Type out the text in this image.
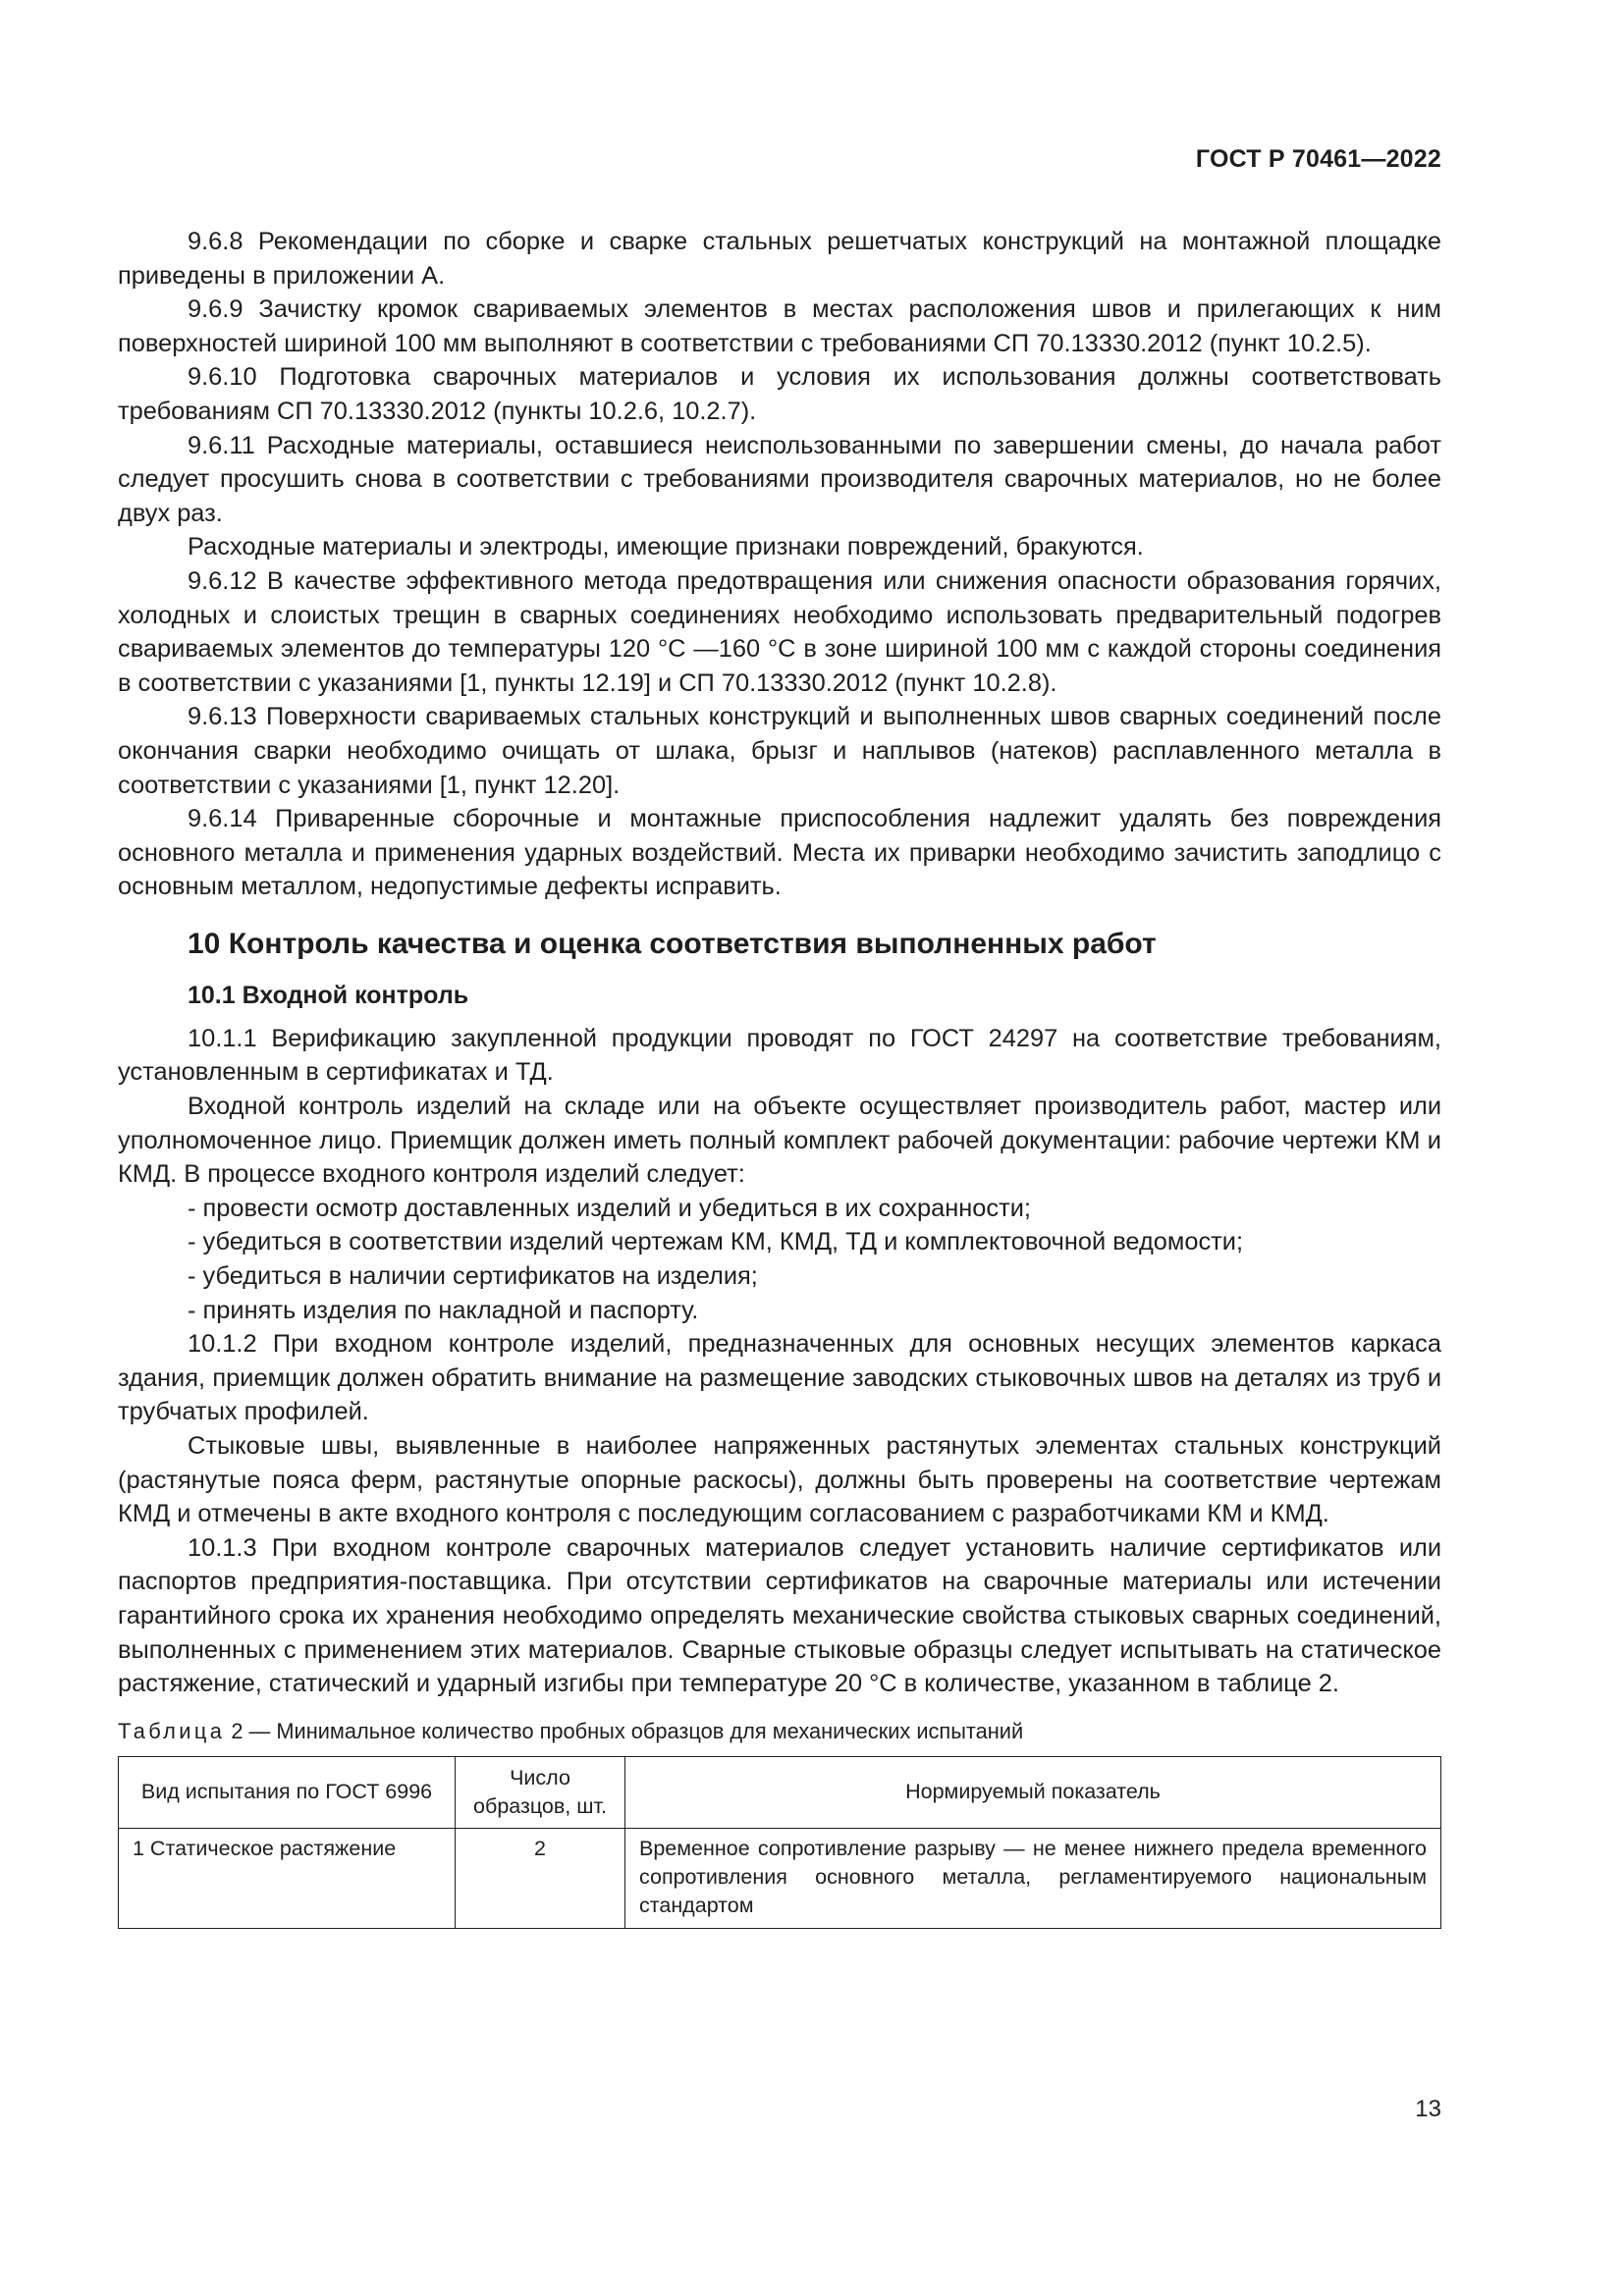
ГОСТ Р 70461—2022

9.6.8 Рекомендации по сборке и сварке стальных решетчатых конструкций на монтажной площадке приведены в приложении А.

9.6.9 Зачистку кромок свариваемых элементов в местах расположения швов и прилегающих к ним поверхностей шириной 100 мм выполняют в соответствии с требованиями СП 70.13330.2012 (пункт 10.2.5).

9.6.10 Подготовка сварочных материалов и условия их использования должны соответствовать требованиям СП 70.13330.2012 (пункты 10.2.6, 10.2.7).

9.6.11 Расходные материалы, оставшиеся неиспользованными по завершении смены, до начала работ следует просушить снова в соответствии с требованиями производителя сварочных материалов, но не более двух раз.

Расходные материалы и электроды, имеющие признаки повреждений, бракуются.

9.6.12 В качестве эффективного метода предотвращения или снижения опасности образования горячих, холодных и слоистых трещин в сварных соединениях необходимо использовать предварительный подогрев свариваемых элементов до температуры 120 °С —160 °С в зоне шириной 100 мм с каждой стороны соединения в соответствии с указаниями [1, пункты 12.19] и СП 70.13330.2012 (пункт 10.2.8).

9.6.13 Поверхности свариваемых стальных конструкций и выполненных швов сварных соединений после окончания сварки необходимо очищать от шлака, брызг и наплывов (натеков) расплавленного металла в соответствии с указаниями [1, пункт 12.20].

9.6.14 Приваренные сборочные и монтажные приспособления надлежит удалять без повреждения основного металла и применения ударных воздействий. Места их приварки необходимо зачистить заподлицо с основным металлом, недопустимые дефекты исправить.

10 Контроль качества и оценка соответствия выполненных работ
10.1 Входной контроль

10.1.1 Верификацию закупленной продукции проводят по ГОСТ 24297 на соответствие требованиям, установленным в сертификатах и ТД.

Входной контроль изделий на складе или на объекте осуществляет производитель работ, мастер или уполномоченное лицо. Приемщик должен иметь полный комплект рабочей документации: рабочие чертежи КМ и КМД. В процессе входного контроля изделий следует:

- провести осмотр доставленных изделий и убедиться в их сохранности;

- убедиться в соответствии изделий чертежам КМ, КМД, ТД и комплектовочной ведомости;

- убедиться в наличии сертификатов на изделия;

- принять изделия по накладной и паспорту.

10.1.2 При входном контроле изделий, предназначенных для основных несущих элементов каркаса здания, приемщик должен обратить внимание на размещение заводских стыковочных швов на деталях из труб и трубчатых профилей.

Стыковые швы, выявленные в наиболее напряженных растянутых элементах стальных конструкций (растянутые пояса ферм, растянутые опорные раскосы), должны быть проверены на соответствие чертежам КМД и отмечены в акте входного контроля с последующим согласованием с разработчиками КМ и КМД.

10.1.3 При входном контроле сварочных материалов следует установить наличие сертификатов или паспортов предприятия-поставщика. При отсутствии сертификатов на сварочные материалы или истечении гарантийного срока их хранения необходимо определять механические свойства стыковых сварных соединений, выполненных с применением этих материалов. Сварные стыковые образцы следует испытывать на статическое растяжение, статический и ударный изгибы при температуре 20 °С в количестве, указанном в таблице 2.

Таблица 2 — Минимальное количество пробных образцов для механических испытаний
Вид испытания по ГОСТ 6996	Число образцов, шт.	Нормируемый показатель
1 Статическое растяжение	2	Временное сопротивление разрыву — не менее нижнего предела временного сопротивления основного металла, регламентируемого национальным стандартом
13
